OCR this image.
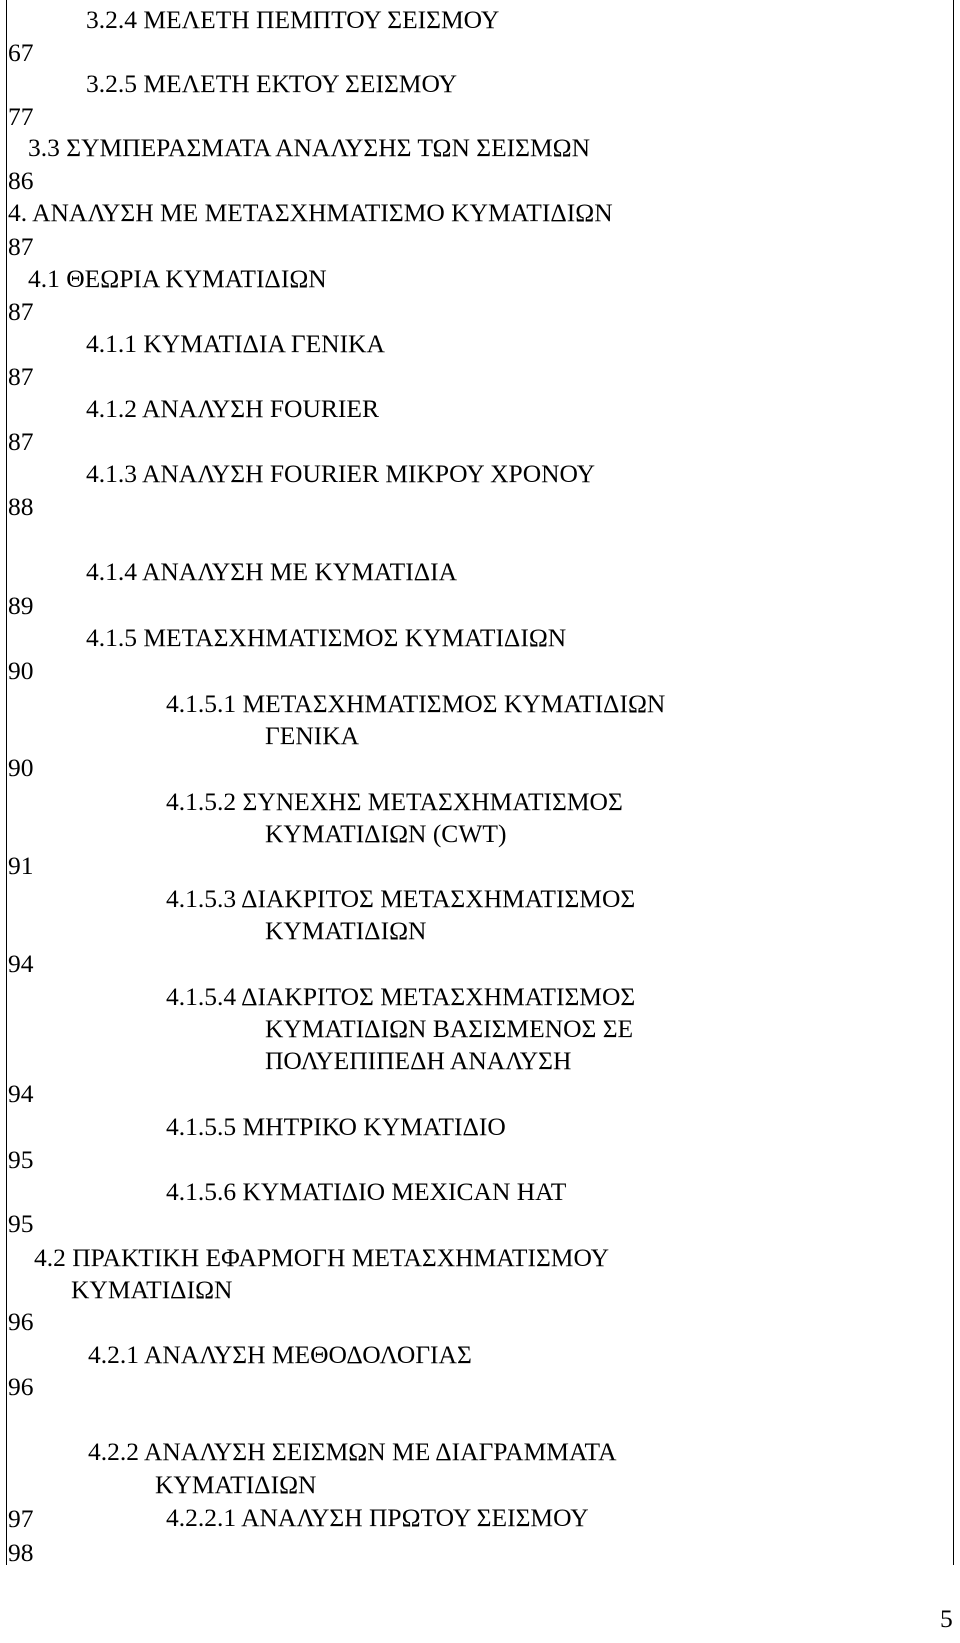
3.2.4 ΜΕΛΕΤΗ ΠΕΜΠΤΟΥ ΣΕΙΣΜΟΥ
67
3.2.5 ΜΕΛΕΤΗ ΕΚΤΟΥ ΣΕΙΣΜΟΥ
77
3.3 ΣΥΜΠΕΡΑΣΜΑΤΑ ΑΝΑΛΥΣΗΣ ΤΩΝ ΣΕΙΣΜΩΝ
86
4. ΑΝΑΛΥΣΗ ΜΕ ΜΕΤΑΣΧΗΜΑΤΙΣΜΟ ΚΥΜΑΤΙΔΙΩΝ
87
4.1 ΘΕΩΡΙΑ ΚΥΜΑΤΙΔΙΩΝ
87
4.1.1 ΚΥΜΑΤΙΔΙΑ ΓΕΝΙΚΑ
87
4.1.2 ΑΝΑΛΥΣΗ FOURIER
87
4.1.3 ΑΝΑΛΥΣΗ FOURIER ΜΙΚΡΟΥ ΧΡΟΝΟΥ
88
4.1.4 ΑΝΑΛΥΣΗ ΜΕ ΚΥΜΑΤΙΔΙΑ
89
4.1.5 ΜΕΤΑΣΧΗΜΑΤΙΣΜΟΣ ΚΥΜΑΤΙΔΙΩΝ
90
4.1.5.1 ΜΕΤΑΣΧΗΜΑΤΙΣΜΟΣ ΚΥΜΑΤΙΔΙΩΝ
ΓΕΝΙΚΑ
90
4.1.5.2 ΣΥΝΕΧΗΣ ΜΕΤΑΣΧΗΜΑΤΙΣΜΟΣ
ΚΥΜΑΤΙΔΙΩΝ (CWT)
91
4.1.5.3 ΔΙΑΚΡΙΤΟΣ ΜΕΤΑΣΧΗΜΑΤΙΣΜΟΣ
ΚΥΜΑΤΙΔΙΩΝ
94
4.1.5.4 ΔΙΑΚΡΙΤΟΣ ΜΕΤΑΣΧΗΜΑΤΙΣΜΟΣ
ΚΥΜΑΤΙΔΙΩΝ ΒΑΣΙΣΜΕΝΟΣ ΣΕ
ΠΟΛΥΕΠΙΠΕΔΗ ΑΝΑΛΥΣΗ
94
4.1.5.5 ΜΗΤΡΙΚΟ ΚΥΜΑΤΙΔΙΟ
95
4.1.5.6 ΚΥΜΑΤΙΔΙΟ MEXICAN HAT
95
4.2 ΠΡΑΚΤΙΚΗ ΕΦΑΡΜΟΓΗ ΜΕΤΑΣΧΗΜΑΤΙΣΜΟΥ
ΚΥΜΑΤΙΔΙΩΝ
96
4.2.1 ΑΝΑΛΥΣΗ ΜΕΘΟΔΟΛΟΓΙΑΣ
96
4.2.2 ΑΝΑΛΥΣΗ ΣΕΙΣΜΩΝ ΜΕ ΔΙΑΓΡΑΜΜΑΤΑ
ΚΥΜΑΤΙΔΙΩΝ
97	4.2.2.1 ΑΝΑΛΥΣΗ ΠΡΩΤΟΥ ΣΕΙΣΜΟΥ
98
5
